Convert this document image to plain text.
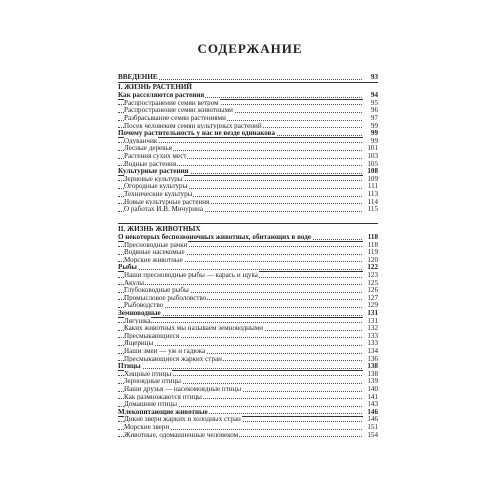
СОДЕРЖАНИЕ
ВВЕДЕНИЕ	93
I. ЖИЗНЬ РАСТЕНИЙ
Как расселяются растения	94
Распространение семян ветром	95
Распространение семян животными	96
Разбрасывание семян растениями	97
Посев человеком семян культурных растений	99
Почему растительность у нас не везде одинакова	99
Одуванчик	99
Лесные деревья	101
Растения сухих мест	103
Водные растения	105
Культурные растения	108
Зерновые культуры	109
Огородные культуры	111
Технические культуры	113
Новые культурные растения	114
О работах И.В. Мичурина	115
II. ЖИЗНЬ ЖИВОТНЫХ
О некоторых беспозвоночных животных, обитающих в воде	118
Пресноводные рачки	118
Водяные насекомые	119
Морские животные	120
Рыбы	122
Наши пресноводные рыбы — карась и щука	123
Акулы	125
Глубоководные рыбы	126
Промысловое рыболовство	127
Рыбоводство	129
Земноводные	131
Лягушка	131
Каких животных мы называем земноводными	132
Пресмыкающиеся	133
Ящерицы	133
Наши змеи — уж и гадюка	134
Пресмыкающиеся жарких стран	136
Птицы	138
Хищные птицы	138
Зерноядные птицы	139
Наши друзья — насекомоядные птицы	140
Как размножаются птицы	141
Домашние птицы	143
Млекопитающие животные	146
Дикие звери жарких и холодных стран	146
Морские звери	151
Животные, одомашненные человеком	154
